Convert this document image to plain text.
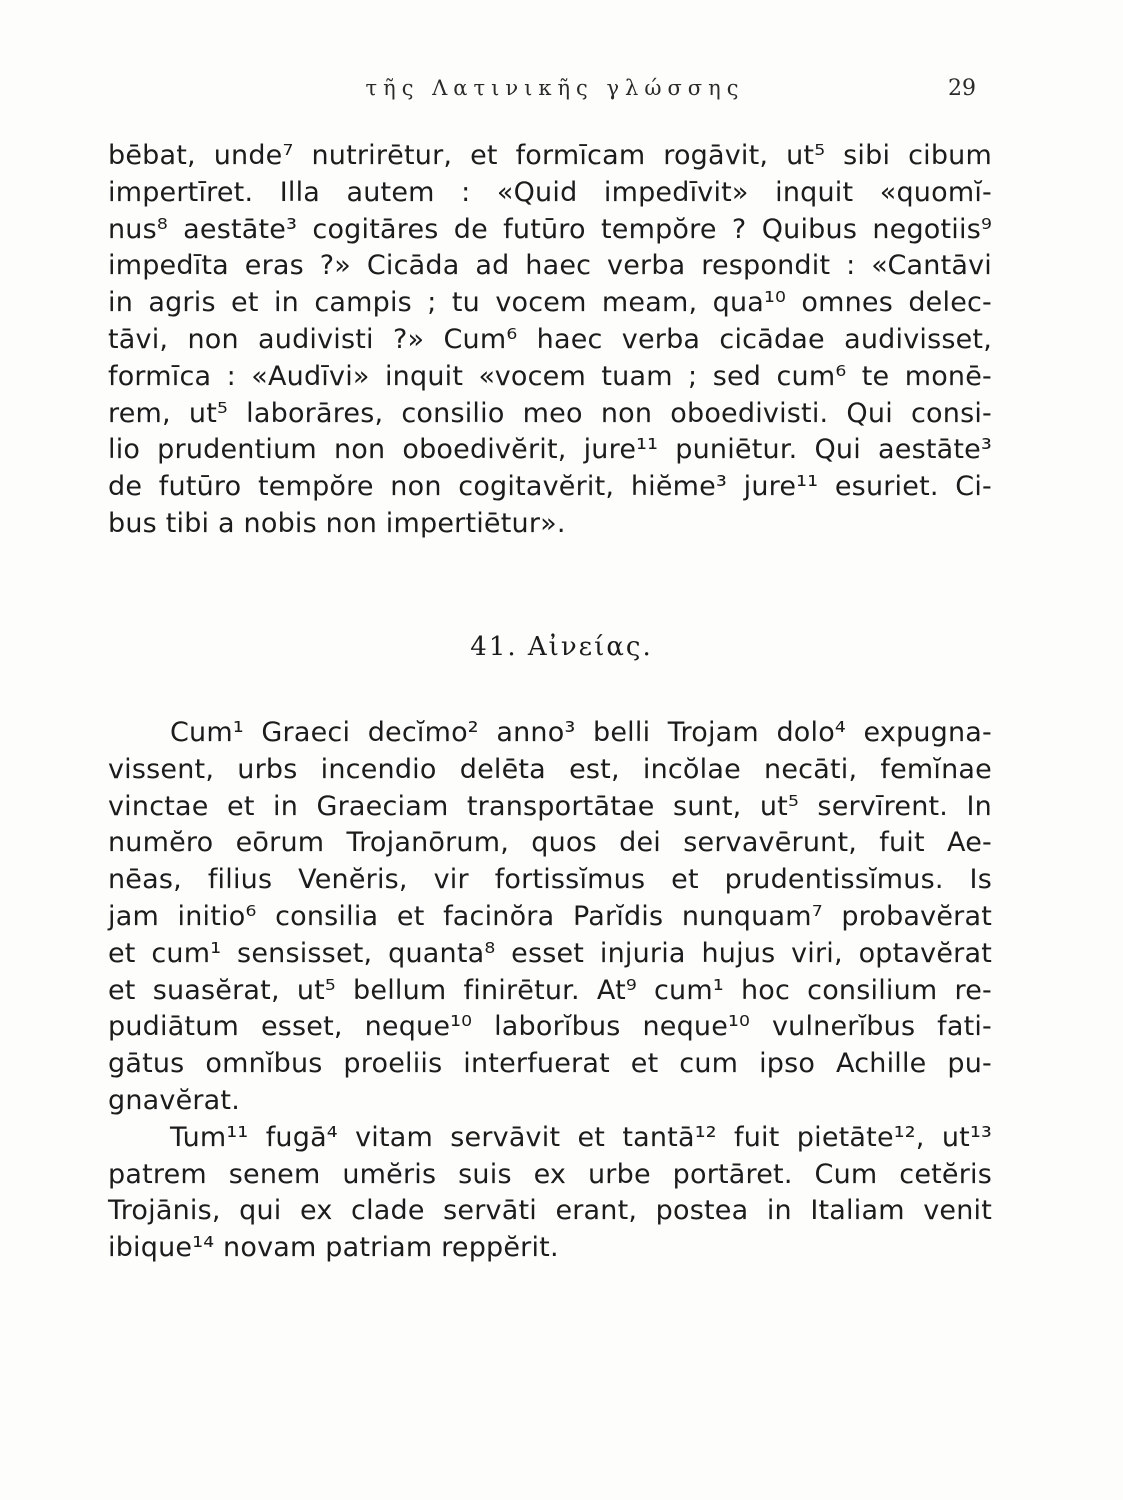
τῆς Λατινικῆς γλώσσης	29
bēbat, unde⁷ nutrirētur, et formīcam rogāvit, ut⁵ sibi cibum
impertīret. Illa autem : «Quid impedīvit» inquit «quomĭ-
nus⁸ aestāte³ cogitāres de futūro tempŏre ? Quibus negotiis⁹
impedīta eras ?» Cicāda ad haec verba respondit : «Cantāvi
in agris et in campis ; tu vocem meam, qua¹⁰ omnes delec-
tāvi, non audivisti ?» Cum⁶ haec verba cicādae audivisset,
formīca : «Audīvi» inquit «vocem tuam ; sed cum⁶ te monē-
rem, ut⁵ laborāres, consilio meo non oboedivisti. Qui consi-
lio prudentium non oboedivĕrit, jure¹¹ puniētur. Qui aestāte³
de futūro tempŏre non cogitavĕrit, hiĕme³ jure¹¹ esuriet. Ci-
bus tibi a nobis non impertiētur».
41. Αἰνείας.
Cum¹ Graeci decĭmo² anno³ belli Trojam dolo⁴ expugna-
vissent, urbs incendio delēta est, incŏlae necāti, femĭnae
vinctae et in Graeciam transportātae sunt, ut⁵ servīrent. In
numĕro eōrum Trojanōrum, quos dei servavērunt, fuit Ae-
nēas, filius Venĕris, vir fortissĭmus et prudentissĭmus. Is
jam initio⁶ consilia et facinŏra Parĭdis nunquam⁷ probavĕrat
et cum¹ sensisset, quanta⁸ esset injuria hujus viri, optavĕrat
et suasĕrat, ut⁵ bellum finirētur. At⁹ cum¹ hoc consilium re-
pudiātum esset, neque¹⁰ laborĭbus neque¹⁰ vulnerĭbus fati-
gātus omnĭbus proeliis interfuerat et cum ipso Achille pu-
gnavĕrat.
Tum¹¹ fugā⁴ vitam servāvit et tantā¹² fuit pietāte¹², ut¹³
patrem senem umĕris suis ex urbe portāret. Cum cetĕris
Trojānis, qui ex clade servāti erant, postea in Italiam venit
ibique¹⁴ novam patriam reppĕrit.
